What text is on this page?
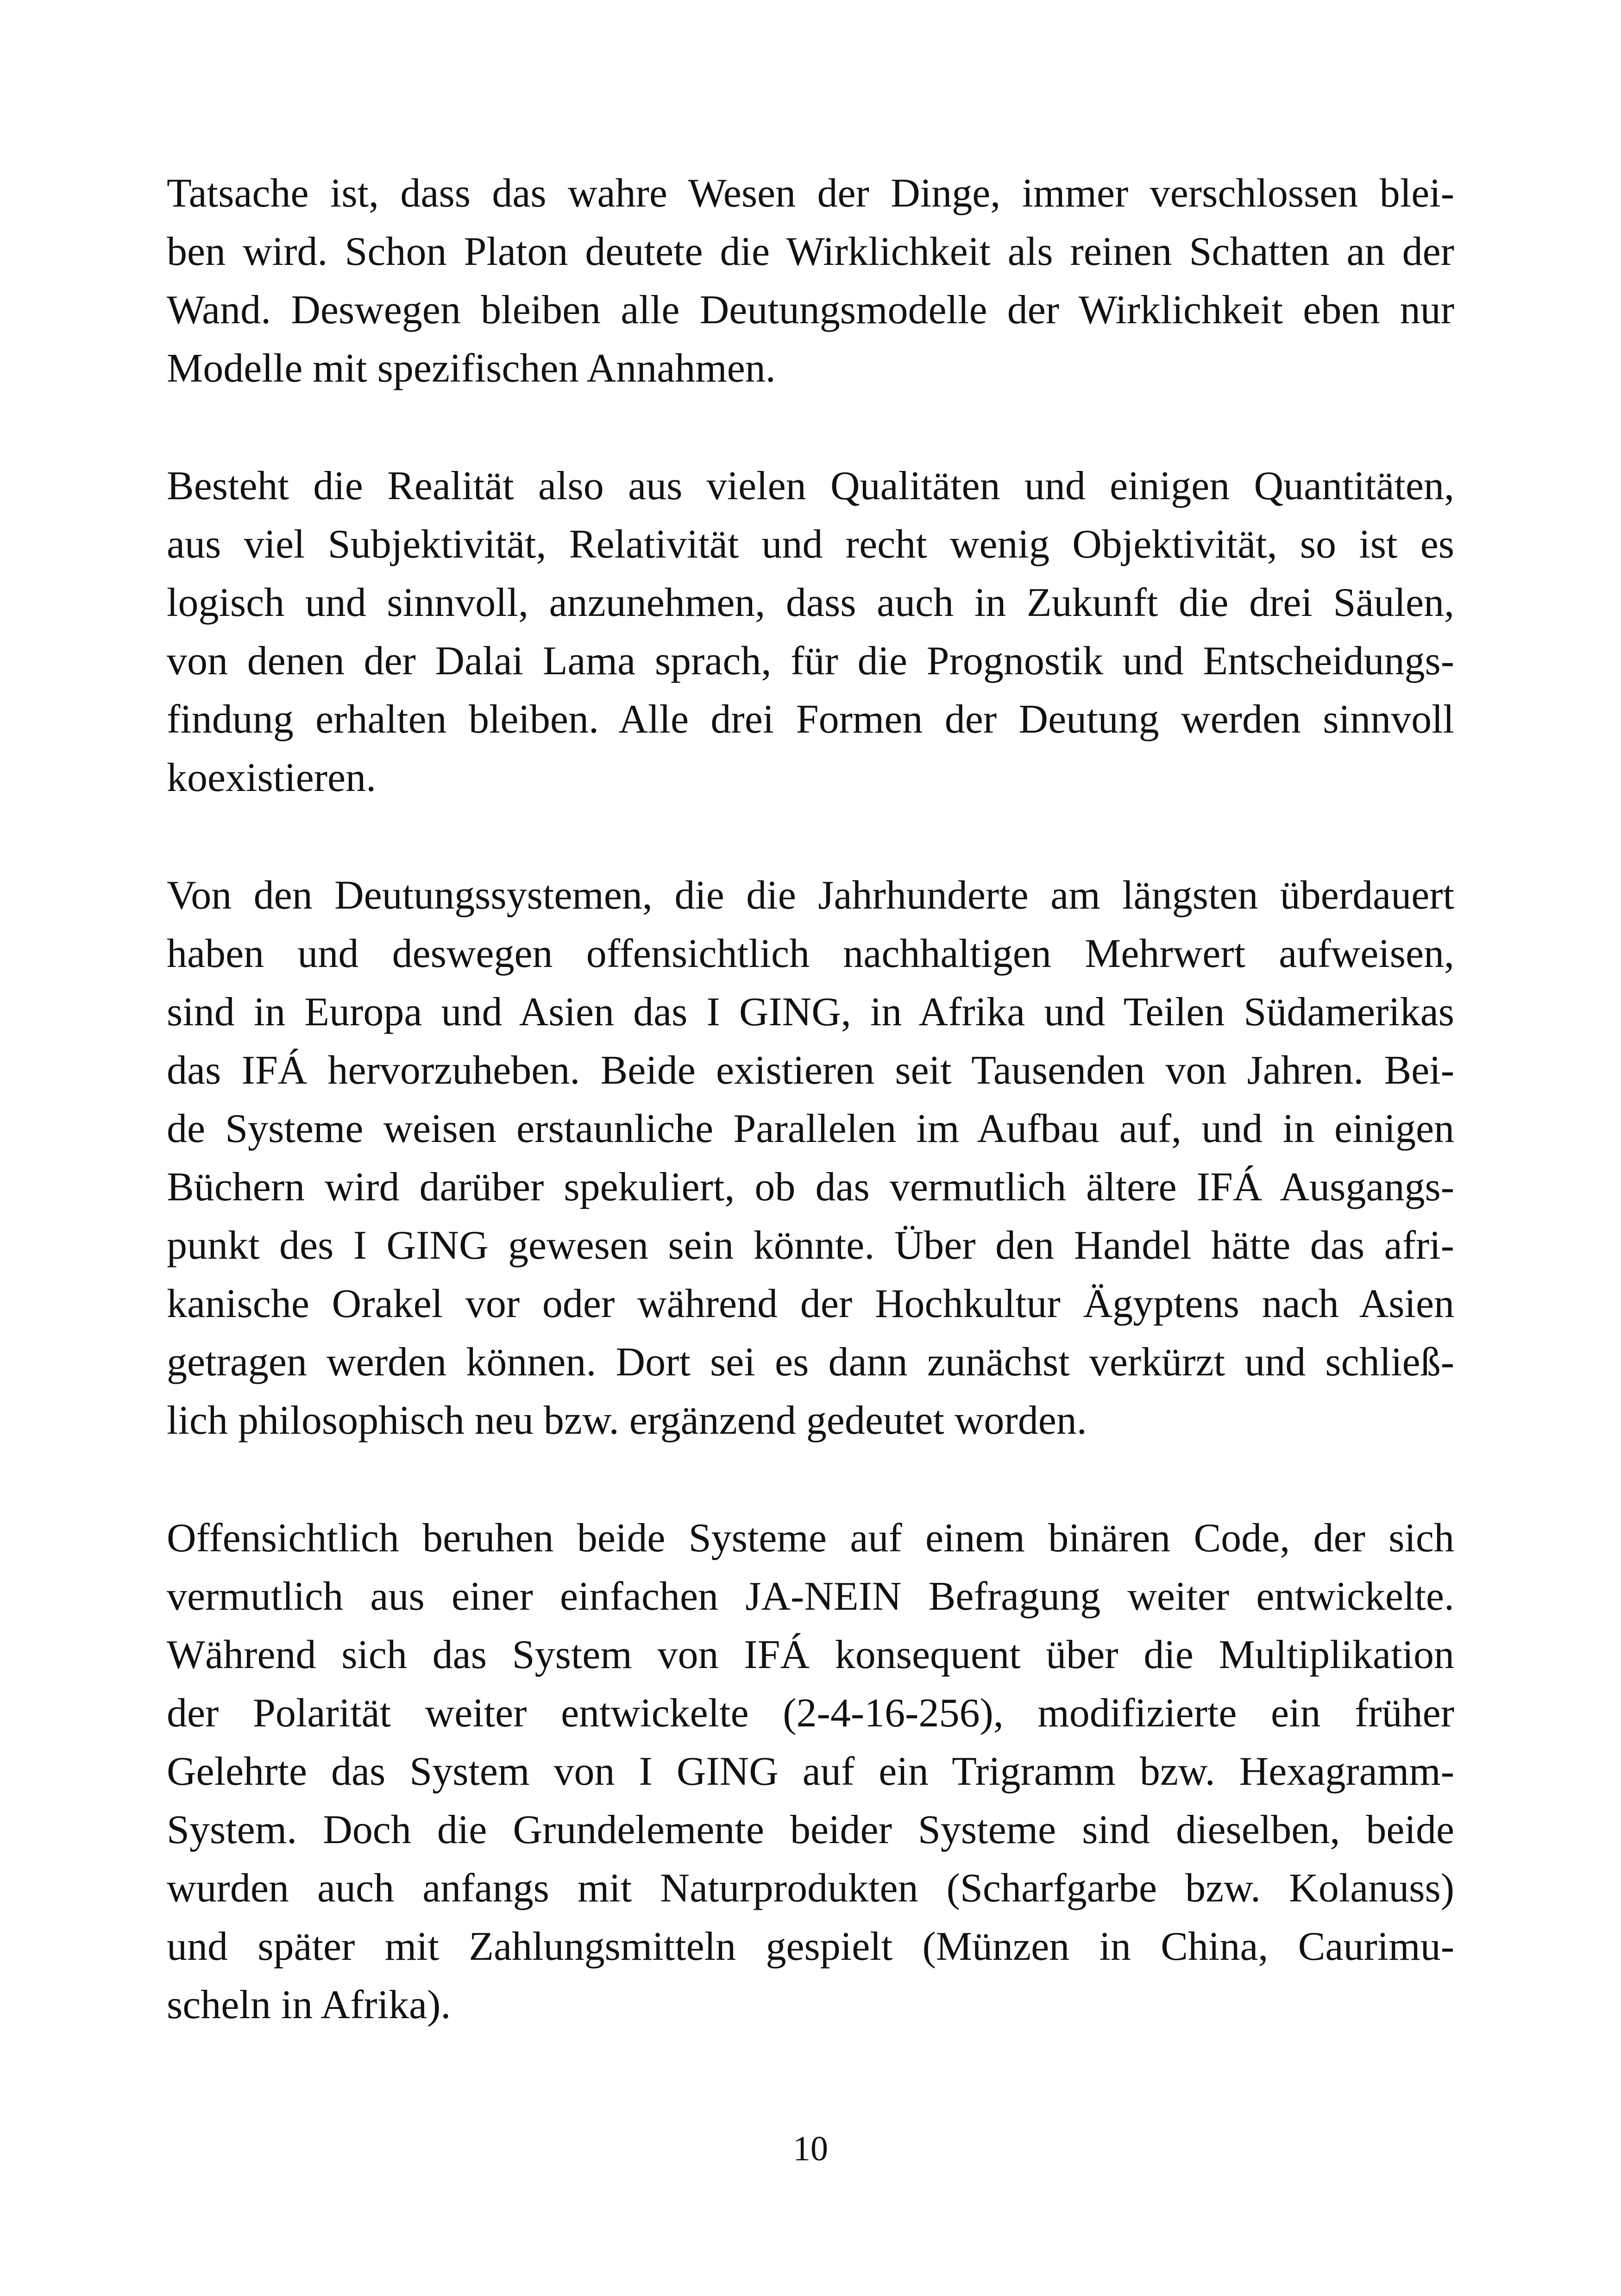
Tatsache ist, dass das wahre Wesen der Dinge, immer verschlossen blei-
ben wird. Schon Platon deutete die Wirklichkeit als reinen Schatten an der
Wand. Deswegen bleiben alle Deutungsmodelle der Wirklichkeit eben nur
Modelle mit spezifischen Annahmen.

Besteht die Realität also aus vielen Qualitäten und einigen Quantitäten,
aus viel Subjektivität, Relativität und recht wenig Objektivität, so ist es
logisch und sinnvoll, anzunehmen, dass auch in Zukunft die drei Säulen,
von denen der Dalai Lama sprach, für die Prognostik und Entscheidungs-
findung erhalten bleiben. Alle drei Formen der Deutung werden sinnvoll
koexistieren.

Von den Deutungssystemen, die die Jahrhunderte am längsten überdauert
haben und deswegen offensichtlich nachhaltigen Mehrwert aufweisen,
sind in Europa und Asien das I GING, in Afrika und Teilen Südamerikas
das IFÁ hervorzuheben. Beide existieren seit Tausenden von Jahren. Bei-
de Systeme weisen erstaunliche Parallelen im Aufbau auf, und in einigen
Büchern wird darüber spekuliert, ob das vermutlich ältere IFÁ Ausgangs-
punkt des I GING gewesen sein könnte. Über den Handel hätte das afri-
kanische Orakel vor oder während der Hochkultur Ägyptens nach Asien
getragen werden können. Dort sei es dann zunächst verkürzt und schließ-
lich philosophisch neu bzw. ergänzend gedeutet worden.

Offensichtlich beruhen beide Systeme auf einem binären Code, der sich
vermutlich aus einer einfachen JA-NEIN Befragung weiter entwickelte.
Während sich das System von IFÁ konsequent über die Multiplikation
der Polarität weiter entwickelte (2-4-16-256), modifizierte ein früher
Gelehrte das System von I GING auf ein Trigramm bzw. Hexagramm-
System. Doch die Grundelemente beider Systeme sind dieselben, beide
wurden auch anfangs mit Naturprodukten (Scharfgarbe bzw. Kolanuss)
und später mit Zahlungsmitteln gespielt (Münzen in China, Caurimu-
scheln in Afrika).

10
